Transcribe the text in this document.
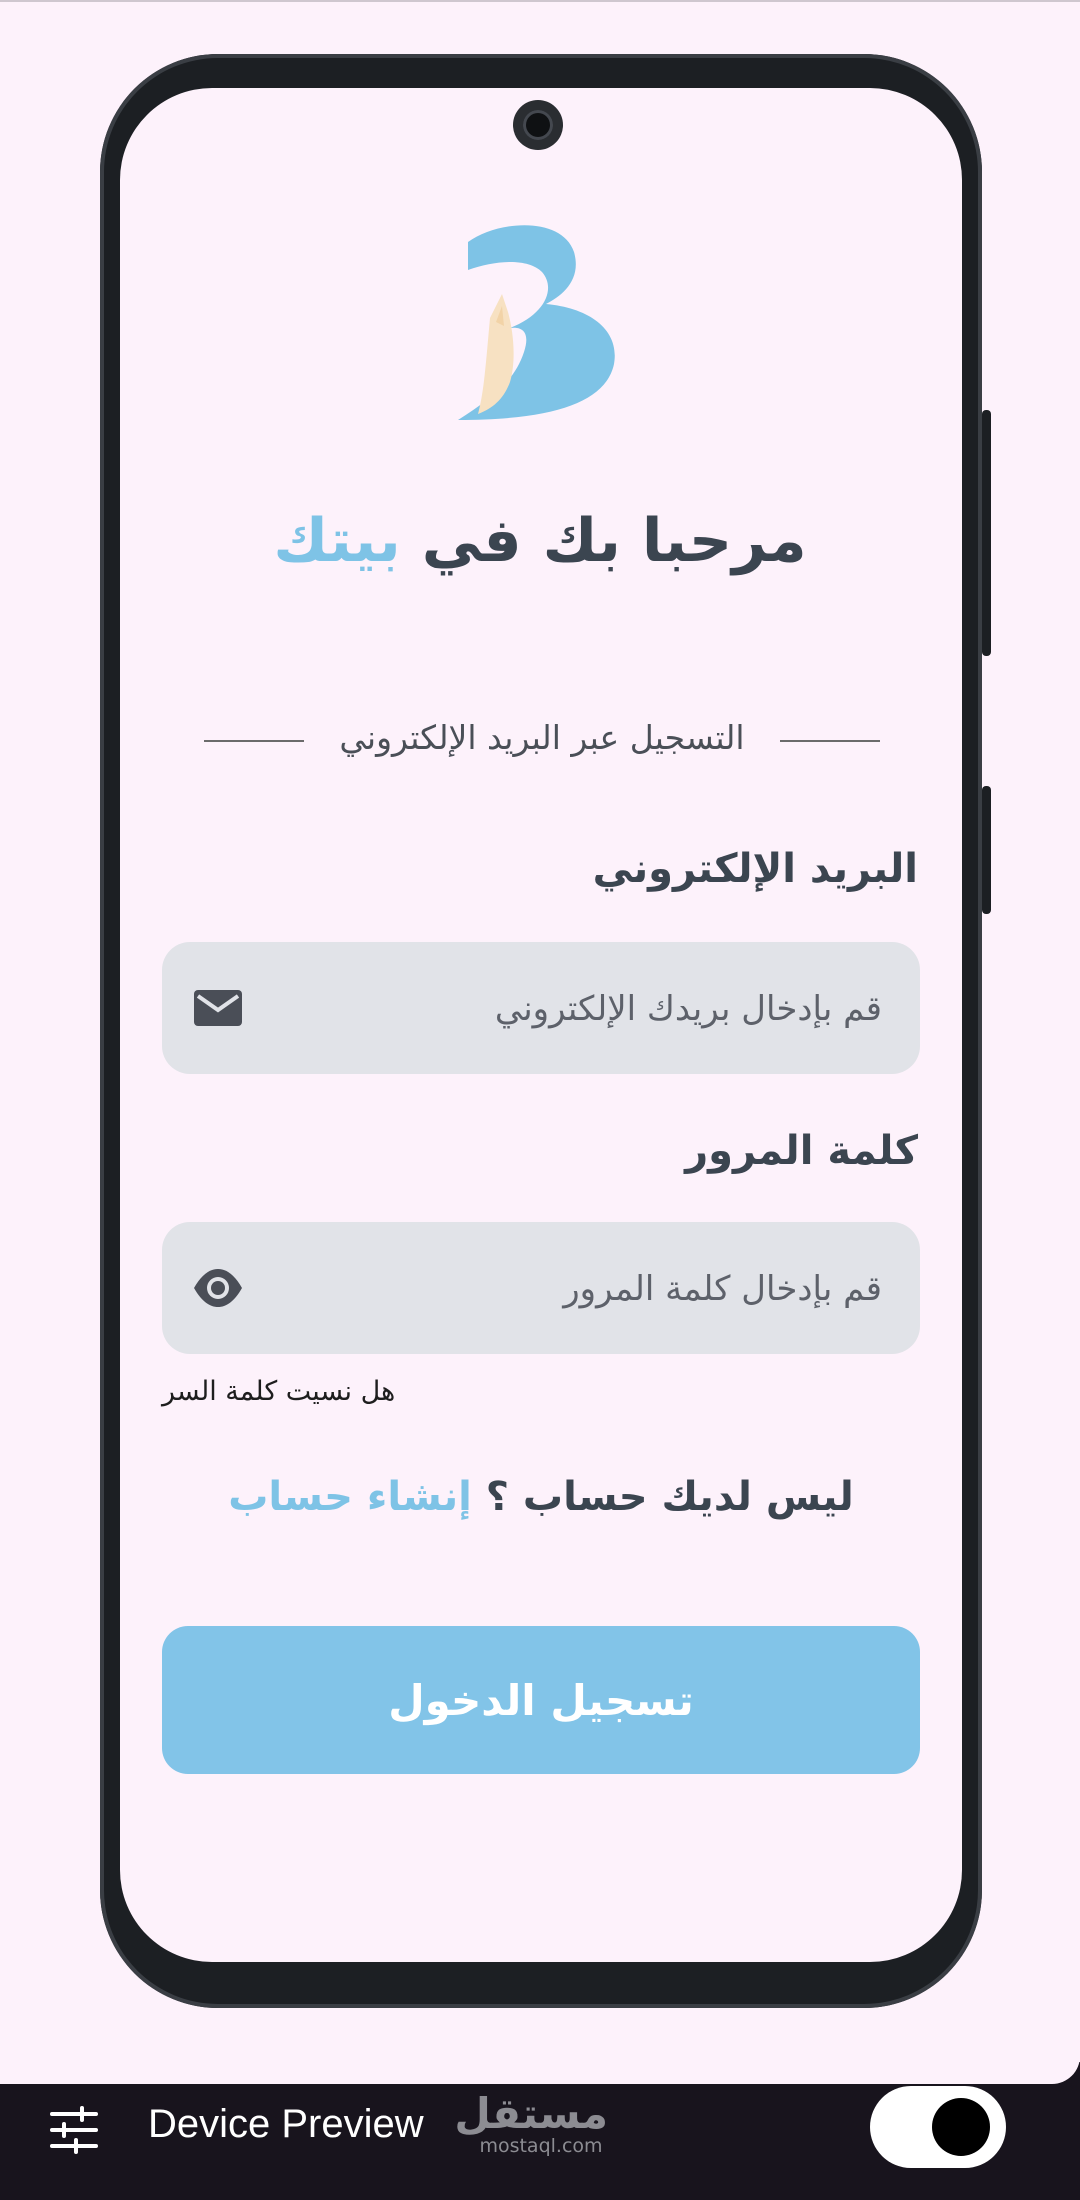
مرحبا بك في بيتك
التسجيل عبر البريد الإلكتروني
البريد الإلكتروني
قم بإدخال بريدك الإلكتروني
كلمة المرور
هل نسيت كلمة السر
ليس لديك حساب ؟ إنشاء حساب
تسجيل الدخول
Device Preview مستقل
mostaql.com
